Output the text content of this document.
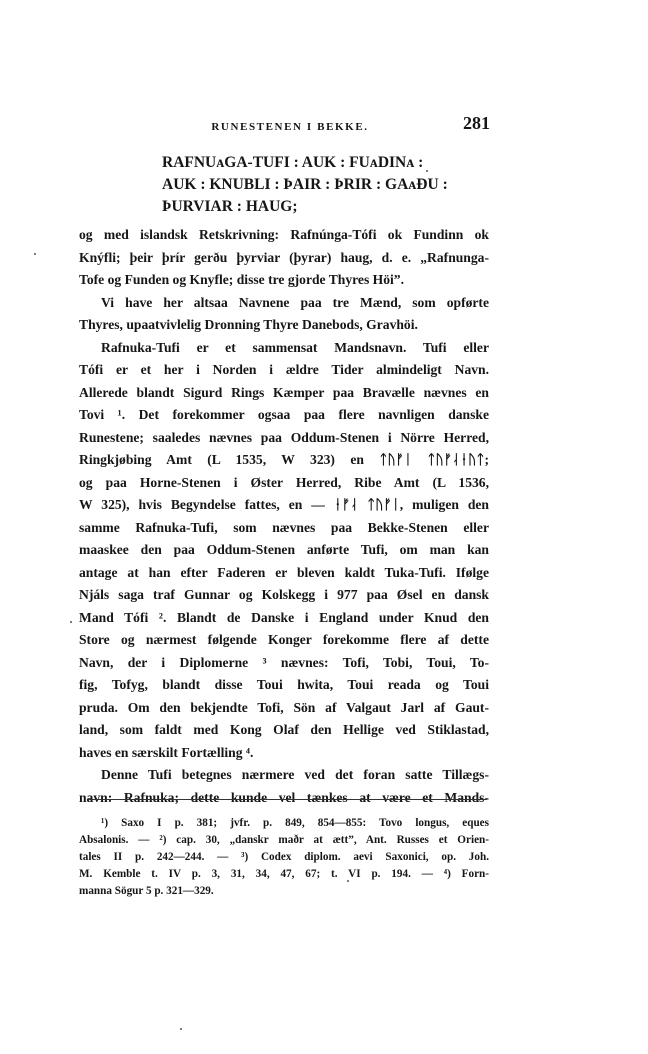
RUNESTENEN I BEKKE.	281
RAFNUᴀGA-TUFI : AUK : FUᴀDINᴀ :
AUK : KNUBLI : ÞAIR : ÞRIR : GAᴀÐU :
ÞURVIAR : HAUG;
og med islandsk Retskrivning: Rafnúnga-Tófi ok Fundinn ok
Knýfli; þeir þrír gerðu þyrviar (þyrar) haug, d. e. „Rafnunga-
Tofe og Funden og Knyfle; disse tre gjorde Thyres Höi”.
Vi have her altsaa Navnene paa tre Mænd, som opførte
Thyres, upaatvivlelig Dronning Thyre Danebods, Gravhöi.
Rafnuka-Tufi er et sammensat Mandsnavn. Tufi eller
Tófi er et her i Norden i ældre Tider almindeligt Navn.
Allerede blandt Sigurd Rings Kæmper paa Bravælle nævnes en
Tovi ¹. Det forekommer ogsaa paa flere navnligen danske
Runestene; saaledes nævnes paa Oddum-Stenen i Nörre Herred,
Ringkjøbing Amt (L 1535, W 323) en ᛏᚢᚠᛁ ᛏᚢᚠᛆᚽᚢᛏ;
og paa Horne-Stenen i Øster Herred, Ribe Amt (L 1536,
W 325), hvis Begyndelse fattes, en — ᚽᚠᛆ ᛏᚢᚠᛁ, muligen den
samme Rafnuka-Tufi, som nævnes paa Bekke-Stenen eller
maaskee den paa Oddum-Stenen anførte Tufi, om man kan
antage at han efter Faderen er bleven kaldt Tuka-Tufi. Ifølge
Njáls saga traf Gunnar og Kolskegg i 977 paa Øsel en dansk
Mand Tófi ². Blandt de Danske i England under Knud den
Store og nærmest følgende Konger forekomme flere af dette
Navn, der i Diplomerne ³ nævnes: Tofi, Tobi, Toui, To-
fig, Tofyg, blandt disse Toui hwita, Toui reada og Toui
pruda. Om den bekjendte Tofi, Sön af Valgaut Jarl af Gaut-
land, som faldt med Kong Olaf den Hellige ved Stiklastad,
haves en særskilt Fortælling ⁴.
Denne Tufi betegnes nærmere ved det foran satte Tillægs-
navn: Rafnuka; dette kunde vel tænkes at være et Mands-
¹) Saxo I p. 381; jvfr. p. 849, 854—855: Tovo longus, eques
Absalonis. — ²) cap. 30, „danskr maðr at ætt”, Ant. Russes et Orien-
tales II p. 242—244. — ³) Codex diplom. aevi Saxonici, op. Joh.
M. Kemble t. IV p. 3, 31, 34, 47, 67; t. VI p. 194. — ⁴) Forn-
manna Sögur 5 p. 321—329.
